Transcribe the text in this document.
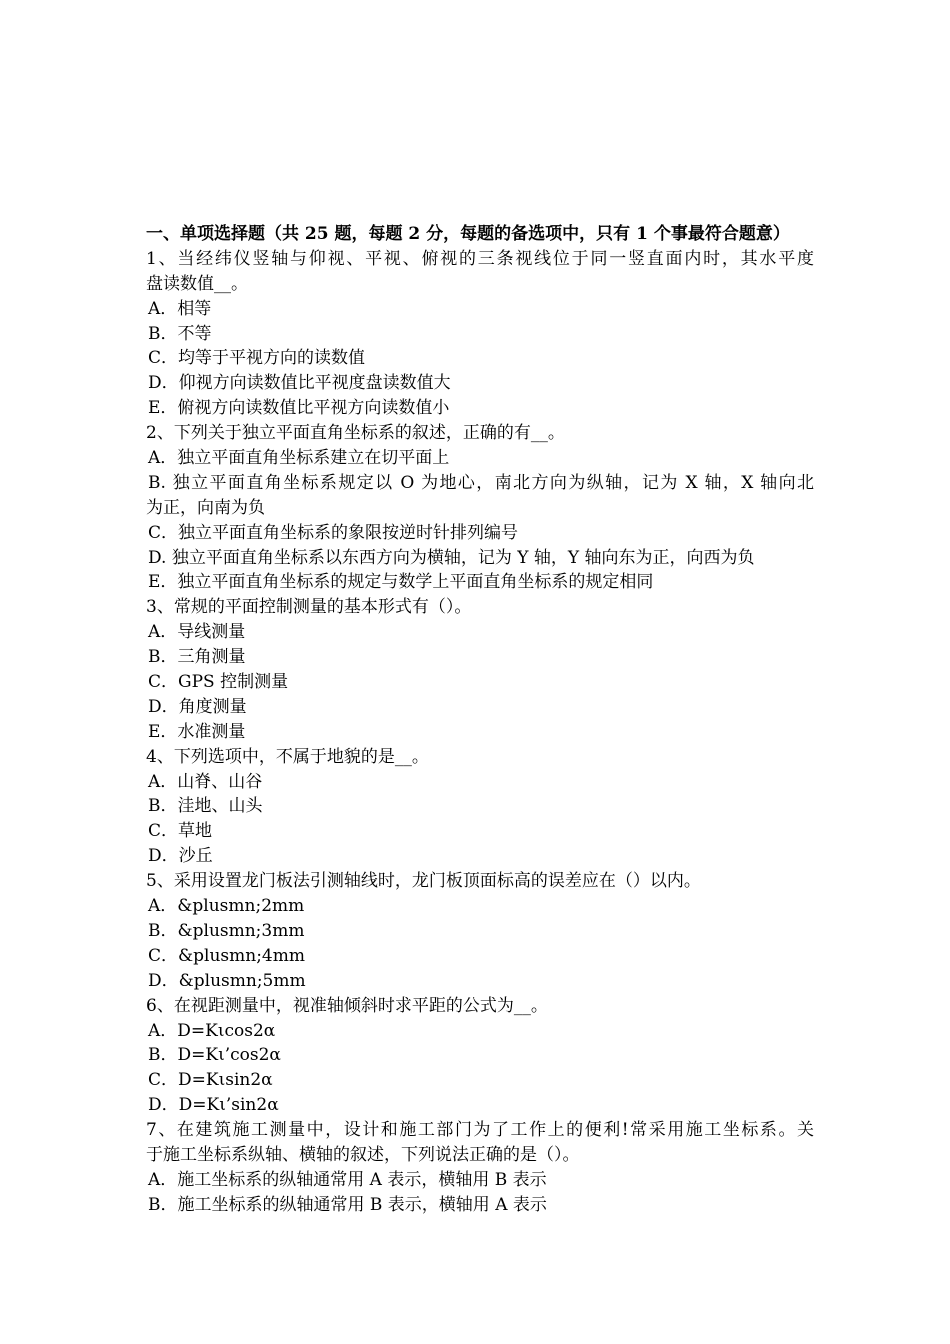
一、单项选择题（共 25 题，每题 2 分，每题的备选项中，只有 1 个事最符合题意）
1、当经纬仪竖轴与仰视、平视、俯视的三条视线位于同一竖直面内时，其水平度
盘读数值__。
A．相等
B．不等
C．均等于平视方向的读数值
D．仰视方向读数值比平视度盘读数值大
E．俯视方向读数值比平视方向读数值小
2、下列关于独立平面直角坐标系的叙述，正确的有__。
A．独立平面直角坐标系建立在切平面上
B. 独立平面直角坐标系规定以 O 为地心，南北方向为纵轴，记为 X 轴，X 轴向北
为正，向南为负
C．独立平面直角坐标系的象限按逆时针排列编号
D. 独立平面直角坐标系以东西方向为横轴，记为 Y 轴，Y 轴向东为正，向西为负
E．独立平面直角坐标系的规定与数学上平面直角坐标系的规定相同
3、常规的平面控制测量的基本形式有（）。
A．导线测量
B．三角测量
C．GPS 控制测量
D．角度测量
E．水准测量
4、下列选项中，不属于地貌的是__。
A．山脊、山谷
B．洼地、山头
C．草地
D．沙丘
5、采用设置龙门板法引测轴线时，龙门板顶面标高的误差应在（）以内。
A．&plusmn;2mm
B．&plusmn;3mm
C．&plusmn;4mm
D．&plusmn;5mm
6、在视距测量中，视准轴倾斜时求平距的公式为__。
A．D=Kιcos2α
B．D=Kι’cos2α
C．D=Kιsin2α
D．D=Kι’sin2α
7、在建筑施工测量中，设计和施工部门为了工作上的便利!常采用施工坐标系。关
于施工坐标系纵轴、横轴的叙述，下列说法正确的是（）。
A．施工坐标系的纵轴通常用 A 表示，横轴用 B 表示
B．施工坐标系的纵轴通常用 B 表示，横轴用 A 表示
